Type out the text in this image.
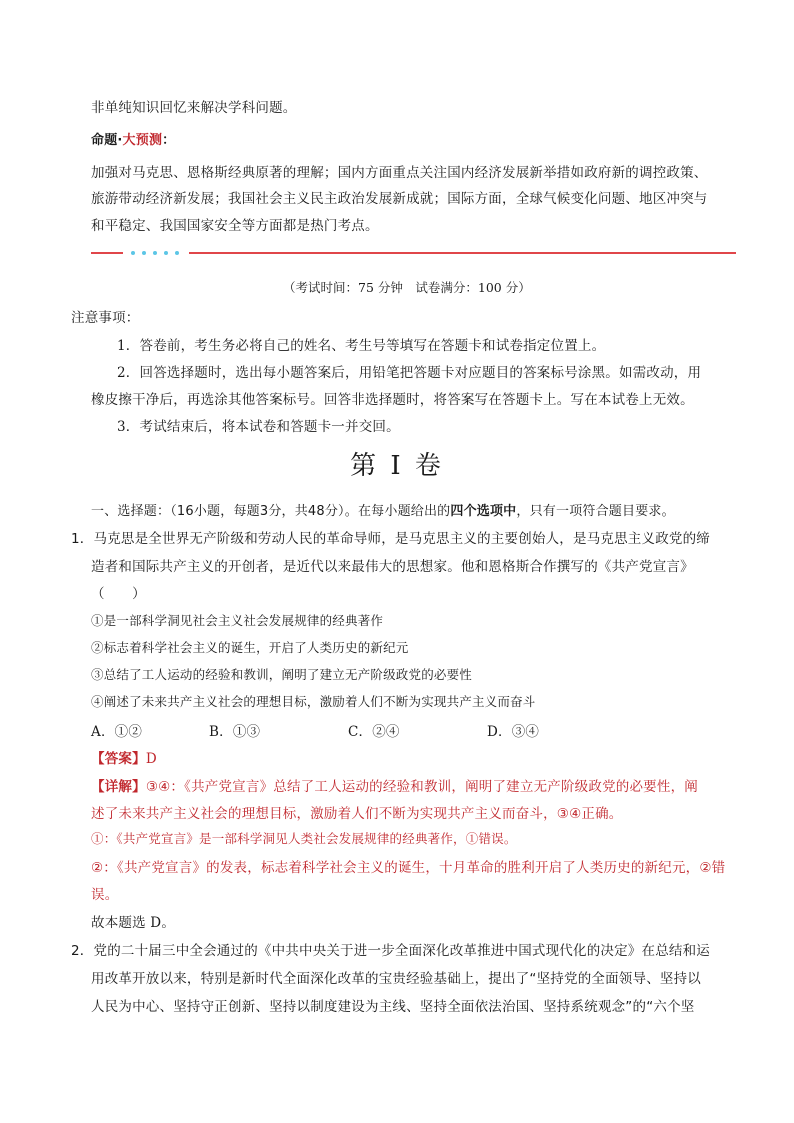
非单纯知识回忆来解决学科问题。
命题·大预测：
加强对马克思、恩格斯经典原著的理解；国内方面重点关注国内经济发展新举措如政府新的调控政策、
旅游带动经济新发展；我国社会主义民主政治发展新成就；国际方面，全球气候变化问题、地区冲突与
和平稳定、我国国家安全等方面都是热门考点。
（考试时间：75 分钟　试卷满分：100 分）
注意事项：
1．答卷前，考生务必将自己的姓名、考生号等填写在答题卡和试卷指定位置上。
2．回答选择题时，选出每小题答案后，用铅笔把答题卡对应题目的答案标号涂黑。如需改动，用
橡皮擦干净后，再选涂其他答案标号。回答非选择题时，将答案写在答题卡上。写在本试卷上无效。
3．考试结束后，将本试卷和答题卡一并交回。
第 I 卷
一、选择题：（16小题，每题3分，共48分）。在每小题给出的四个选项中，只有一项符合题目要求。
1．马克思是全世界无产阶级和劳动人民的革命导师，是马克思主义的主要创始人，是马克思主义政党的缔
造者和国际共产主义的开创者，是近代以来最伟大的思想家。他和恩格斯合作撰写的《共产党宣言》
（　　）
①是一部科学洞见社会主义社会发展规律的经典著作
②标志着科学社会主义的诞生，开启了人类历史的新纪元
③总结了工人运动的经验和教训，阐明了建立无产阶级政党的必要性
④阐述了未来共产主义社会的理想目标，激励着人们不断为实现共产主义而奋斗
A．①②	B．①③	C．②④	D．③④
【答案】D
【详解】③④：《共产党宣言》总结了工人运动的经验和教训，阐明了建立无产阶级政党的必要性，阐
述了未来共产主义社会的理想目标，激励着人们不断为实现共产主义而奋斗，③④正确。
①：《共产党宣言》是一部科学洞见人类社会发展规律的经典著作，①错误。
②：《共产党宣言》的发表，标志着科学社会主义的诞生，十月革命的胜利开启了人类历史的新纪元，②错
误。
故本题选 D。
2．党的二十届三中全会通过的《中共中央关于进一步全面深化改革推进中国式现代化的决定》在总结和运
用改革开放以来，特别是新时代全面深化改革的宝贵经验基础上，提出了“坚持党的全面领导、坚持以
人民为中心、坚持守正创新、坚持以制度建设为主线、坚持全面依法治国、坚持系统观念”的“六个坚
